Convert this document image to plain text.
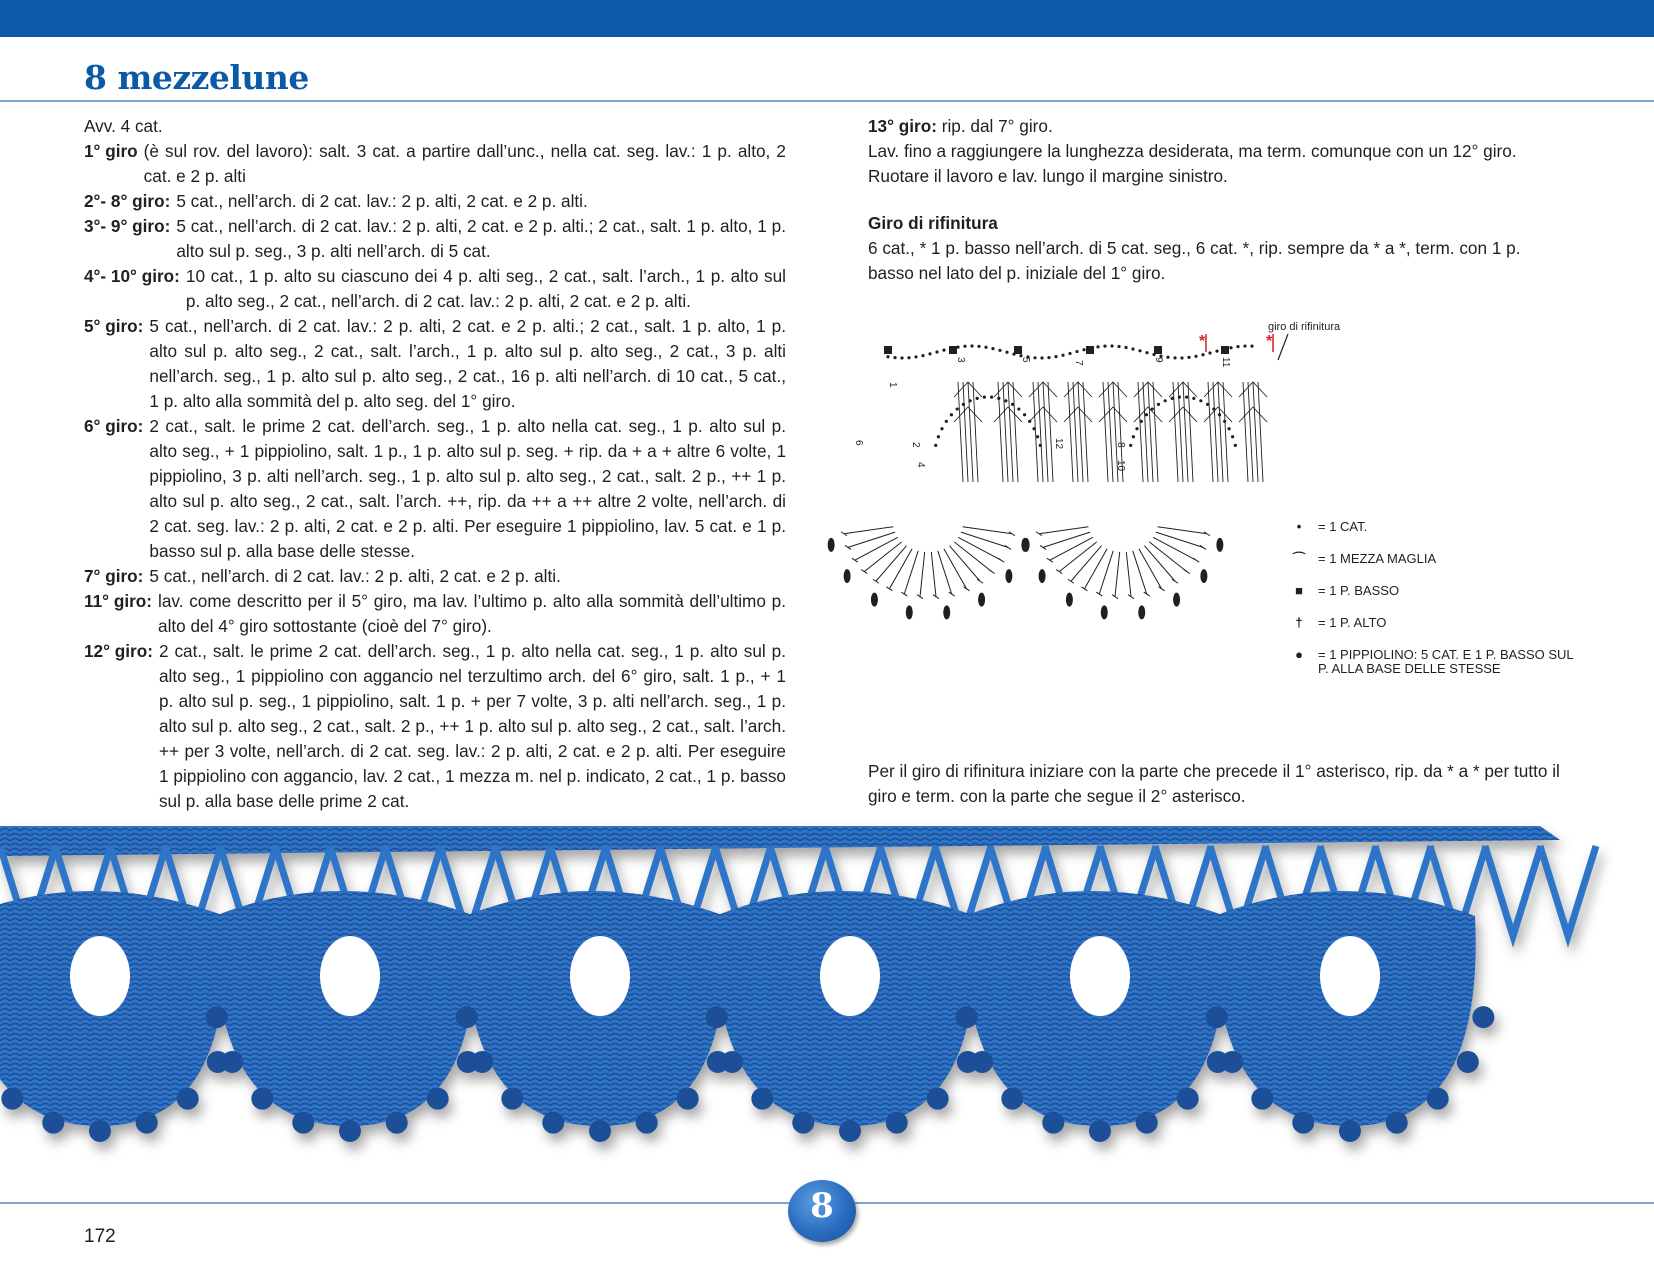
8 mezzelune
Avv. 4 cat.
1° giro (è sul rov. del lavoro): salt. 3 cat. a partire dall’unc., nella cat. seg. lav.: 1 p. alto, 2 cat. e 2 p. alti
2°- 8° giro: 5 cat., nell’arch. di 2 cat. lav.: 2 p. alti, 2 cat. e 2 p. alti.
3°- 9° giro: 5 cat., nell’arch. di 2 cat. lav.: 2 p. alti, 2 cat. e 2 p. alti.; 2 cat., salt. 1 p. alto, 1 p. alto sul p. seg., 3 p. alti nell’arch. di 5 cat.
4°- 10° giro: 10 cat., 1 p. alto su ciascuno dei 4 p. alti seg., 2 cat., salt. l’arch., 1 p. alto sul p. alto seg., 2 cat., nell’arch. di 2 cat. lav.: 2 p. alti, 2 cat. e 2 p. alti.
5° giro: 5 cat., nell’arch. di 2 cat. lav.: 2 p. alti, 2 cat. e 2 p. alti.; 2 cat., salt. 1 p. alto, 1 p. alto sul p. alto seg., 2 cat., salt. l’arch., 1 p. alto sul p. alto seg., 2 cat., 3 p. alti nell’arch. seg., 1 p. alto sul p. alto seg., 2 cat., 16 p. alti nell’arch. di 10 cat., 5 cat., 1 p. alto alla sommità del p. alto seg. del 1° giro.
6° giro: 2 cat., salt. le prime 2 cat. dell’arch. seg., 1 p. alto nella cat. seg., 1 p. alto sul p. alto seg., + 1 pippiolino, salt. 1 p., 1 p. alto sul p. seg. + rip. da + a + altre 6 volte, 1 pippiolino, 3 p. alti nell’arch. seg., 1 p. alto sul p. alto seg., 2 cat., salt. 2 p., ++ 1 p. alto sul p. alto seg., 2 cat., salt. l’arch. ++, rip. da ++ a ++ altre 2 volte, nell’arch. di 2 cat. seg. lav.: 2 p. alti, 2 cat. e 2 p. alti. Per eseguire 1 pippiolino, lav. 5 cat. e 1 p. basso sul p. alla base delle stesse.
7° giro: 5 cat., nell’arch. di 2 cat. lav.: 2 p. alti, 2 cat. e 2 p. alti.
11° giro: lav. come descritto per il 5° giro, ma lav. l’ultimo p. alto alla sommità dell’ultimo p. alto del 4° giro sottostante (cioè del 7° giro).
12° giro: 2 cat., salt. le prime 2 cat. dell’arch. seg., 1 p. alto nella cat. seg., 1 p. alto sul p. alto seg., 1 pippiolino con aggancio nel terzultimo arch. del 6° giro, salt. 1 p., + 1 p. alto sul p. seg., 1 pippiolino, salt. 1 p. + per 7 volte, 3 p. alti nell’arch. seg., 1 p. alto sul p. alto seg., 2 cat., salt. 2 p., ++ 1 p. alto sul p. alto seg., 2 cat., salt. l’arch. ++ per 3 volte, nell’arch. di 2 cat. seg. lav.: 2 p. alti, 2 cat. e 2 p. alti. Per eseguire 1 pippiolino con aggancio, lav. 2 cat., 1 mezza m. nel p. indicato, 2 cat., 1 p. basso sul p. alla base delle prime 2 cat.
13° giro: rip. dal 7° giro.
Lav. fino a raggiungere la lunghezza desiderata, ma term. comunque con un 12° giro. Ruotare il lavoro e lav. lungo il margine sinistro.
Giro di rifinitura
6 cat., * 1 p. basso nell’arch. di 5 cat. seg., 6 cat. *, rip. sempre da * a *, term. con 1 p. basso nel lato del p. iniziale del 1° giro.
1
2
3
4
5
6
7
8
9
10
11
12
giro di rifinitura
*	*
•	= 1 CAT.
⌒ = 1 MEZZA MAGLIA
■	= 1 P. BASSO
†	= 1 P. ALTO
●	= 1 PIPPIOLINO: 5 CAT. E 1 P. BASSO SUL P. ALLA BASE DELLE STESSE
Per il giro di rifinitura iniziare con la parte che precede il 1° asterisco, rip. da * a * per tutto il giro e term. con la parte che segue il 2° asterisco.
8
172
